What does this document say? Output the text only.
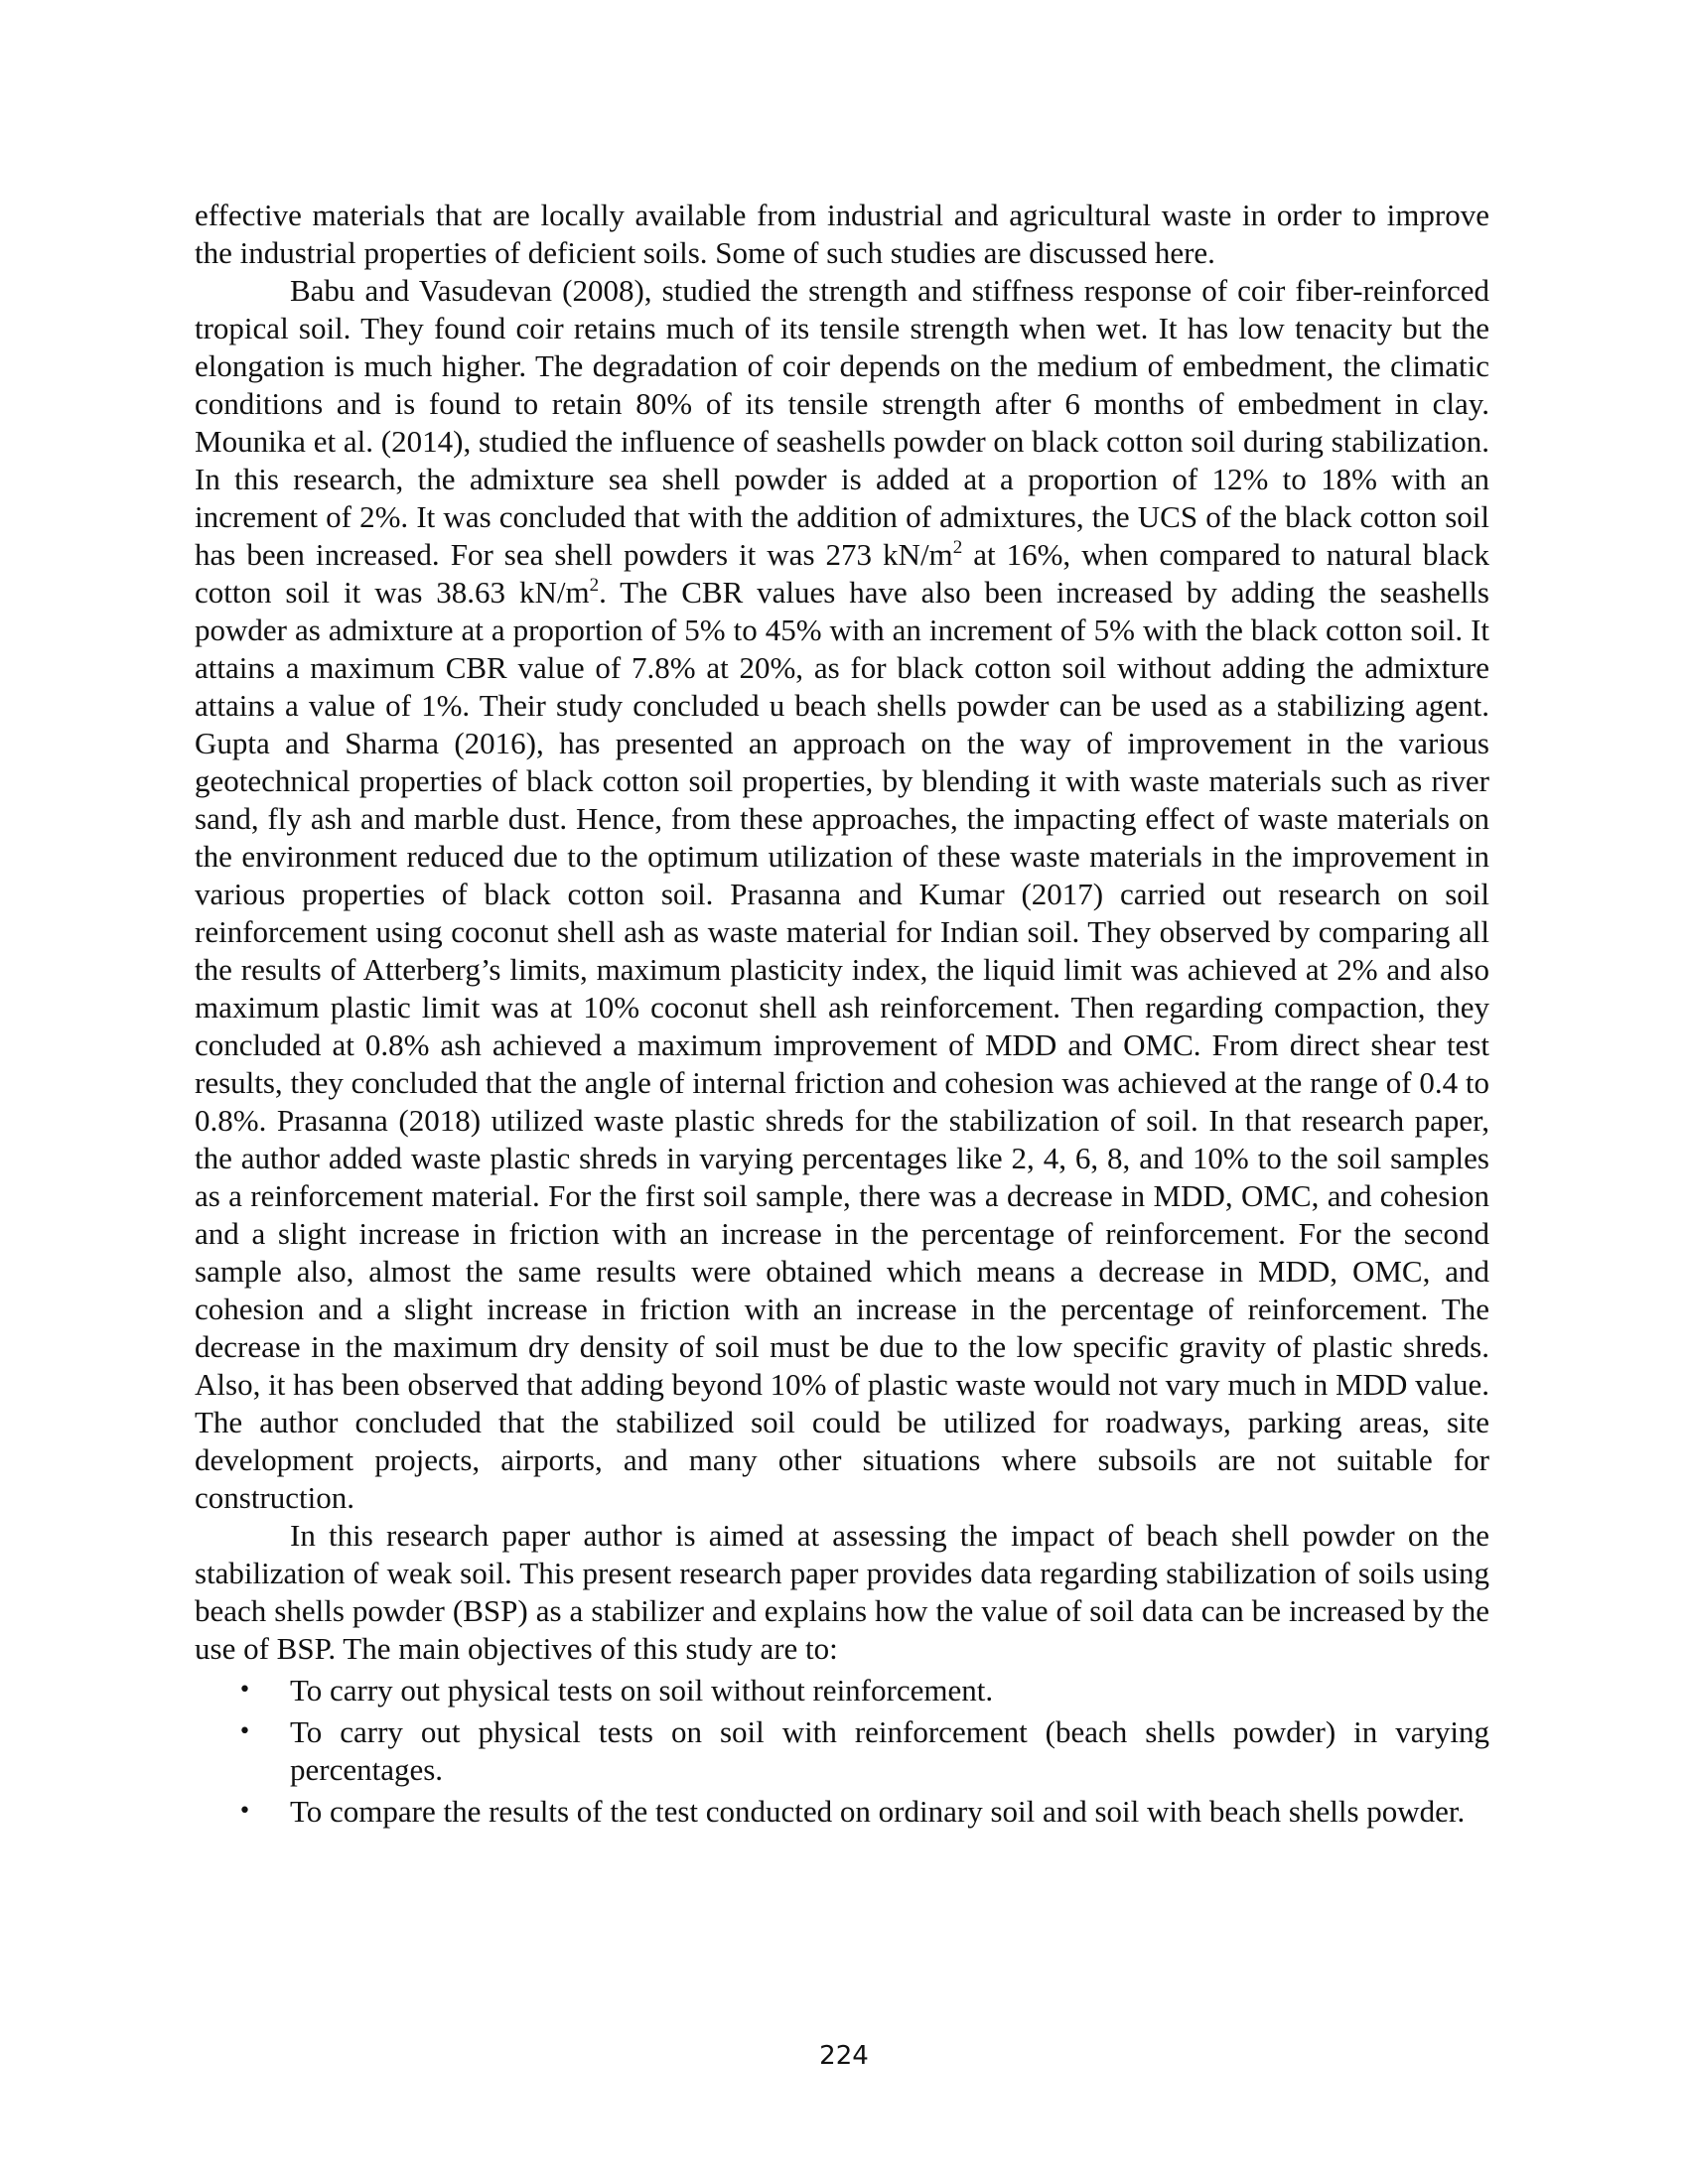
effective materials that are locally available from industrial and agricultural waste in order to improve the industrial properties of deficient soils. Some of such studies are discussed here.

Babu and Vasudevan (2008), studied the strength and stiffness response of coir fiber-reinforced tropical soil. They found coir retains much of its tensile strength when wet. It has low tenacity but the elongation is much higher. The degradation of coir depends on the medium of embedment, the climatic conditions and is found to retain 80% of its tensile strength after 6 months of embedment in clay. Mounika et al. (2014), studied the influence of seashells powder on black cotton soil during stabilization. In this research, the admixture sea shell powder is added at a proportion of 12% to 18% with an increment of 2%. It was concluded that with the addition of admixtures, the UCS of the black cotton soil has been increased. For sea shell powders it was 273 $kN/m^2$ at 16%, when compared to natural black cotton soil it was 38.63 $kN/m^2$. The CBR values have also been increased by adding the seashells powder as admixture at a proportion of 5% to 45% with an increment of 5% with the black cotton soil. It attains a maximum CBR value of 7.8% at 20%, as for black cotton soil without adding the admixture attains a value of 1%. Their study concluded u beach shells powder can be used as a stabilizing agent. Gupta and Sharma (2016), has presented an approach on the way of improvement in the various geotechnical properties of black cotton soil properties, by blending it with waste materials such as river sand, fly ash and marble dust. Hence, from these approaches, the impacting effect of waste materials on the environment reduced due to the optimum utilization of these waste materials in the improvement in various properties of black cotton soil. Prasanna and Kumar (2017) carried out research on soil reinforcement using coconut shell ash as waste material for Indian soil. They observed by comparing all the results of Atterberg’s limits, maximum plasticity index, the liquid limit was achieved at 2% and also maximum plastic limit was at 10% coconut shell ash reinforcement. Then regarding compaction, they concluded at 0.8% ash achieved a maximum improvement of MDD and OMC. From direct shear test results, they concluded that the angle of internal friction and cohesion was achieved at the range of 0.4 to 0.8%. Prasanna (2018) utilized waste plastic shreds for the stabilization of soil. In that research paper, the author added waste plastic shreds in varying percentages like 2, 4, 6, 8, and 10% to the soil samples as a reinforcement material. For the first soil sample, there was a decrease in MDD, OMC, and cohesion and a slight increase in friction with an increase in the percentage of reinforcement. For the second sample also, almost the same results were obtained which means a decrease in MDD, OMC, and cohesion and a slight increase in friction with an increase in the percentage of reinforcement. The decrease in the maximum dry density of soil must be due to the low specific gravity of plastic shreds. Also, it has been observed that adding beyond 10% of plastic waste would not vary much in MDD value. The author concluded that the stabilized soil could be utilized for roadways, parking areas, site development projects, airports, and many other situations where subsoils are not suitable for construction.

In this research paper author is aimed at assessing the impact of beach shell powder on the stabilization of weak soil. This present research paper provides data regarding stabilization of soils using beach shells powder (BSP) as a stabilizer and explains how the value of soil data can be increased by the use of BSP. The main objectives of this study are to:

• To carry out physical tests on soil without reinforcement.
• To carry out physical tests on soil with reinforcement (beach shells powder) in varying percentages.
• To compare the results of the test conducted on ordinary soil and soil with beach shells powder.
224
